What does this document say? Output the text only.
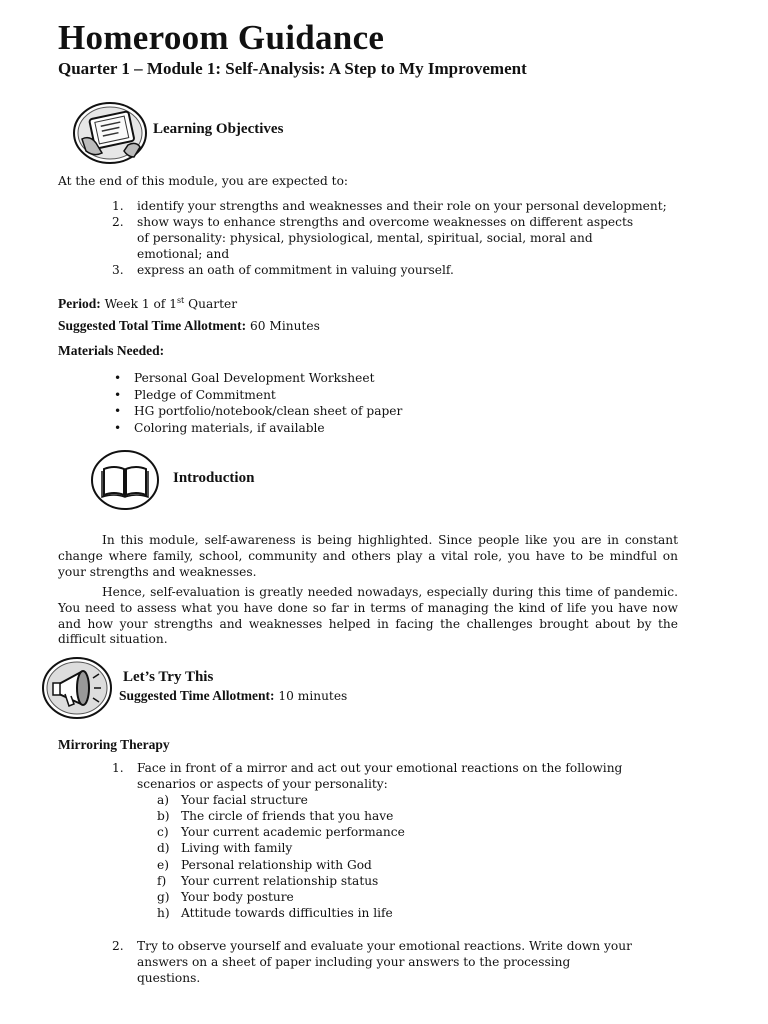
Homeroom Guidance
Quarter 1 – Module 1: Self-Analysis: A Step to My Improvement
Learning Objectives

At the end of this module, you are expected to:

1. identify your strengths and weaknesses and their role on your personal development;
2. show ways to enhance strengths and overcome weaknesses on different aspects
of personality: physical, physiological, mental, spiritual, social, moral and
emotional; and
3. express an oath of commitment in valuing yourself.

Period: Week 1 of 1st Quarter

Suggested Total Time Allotment: 60 Minutes

Materials Needed:

• Personal Goal Development Worksheet
• Pledge of Commitment
• HG portfolio/notebook/clean sheet of paper
• Coloring materials, if available
Introduction

In this module, self-awareness is being highlighted. Since people like you are in constant change where family, school, community and others play a vital role, you have to be mindful on your strengths and weaknesses.

Hence, self-evaluation is greatly needed nowadays, especially during this time of pandemic. You need to assess what you have done so far in terms of managing the kind of life you have now and how your strengths and weaknesses helped in facing the challenges brought about by the difficult situation.

Let’s Try This

Suggested Time Allotment: 10 minutes

Mirroring Therapy

1. Face in front of a mirror and act out your emotional reactions on the following
scenarios or aspects of your personality:
a) Your facial structure
b) The circle of friends that you have
c) Your current academic performance
d) Living with family
e) Personal relationship with God
f) Your current relationship status
g) Your body posture
h) Attitude towards difficulties in life
2. Try to observe yourself and evaluate your emotional reactions. Write down your
answers on a sheet of paper including your answers to the processing
questions.
